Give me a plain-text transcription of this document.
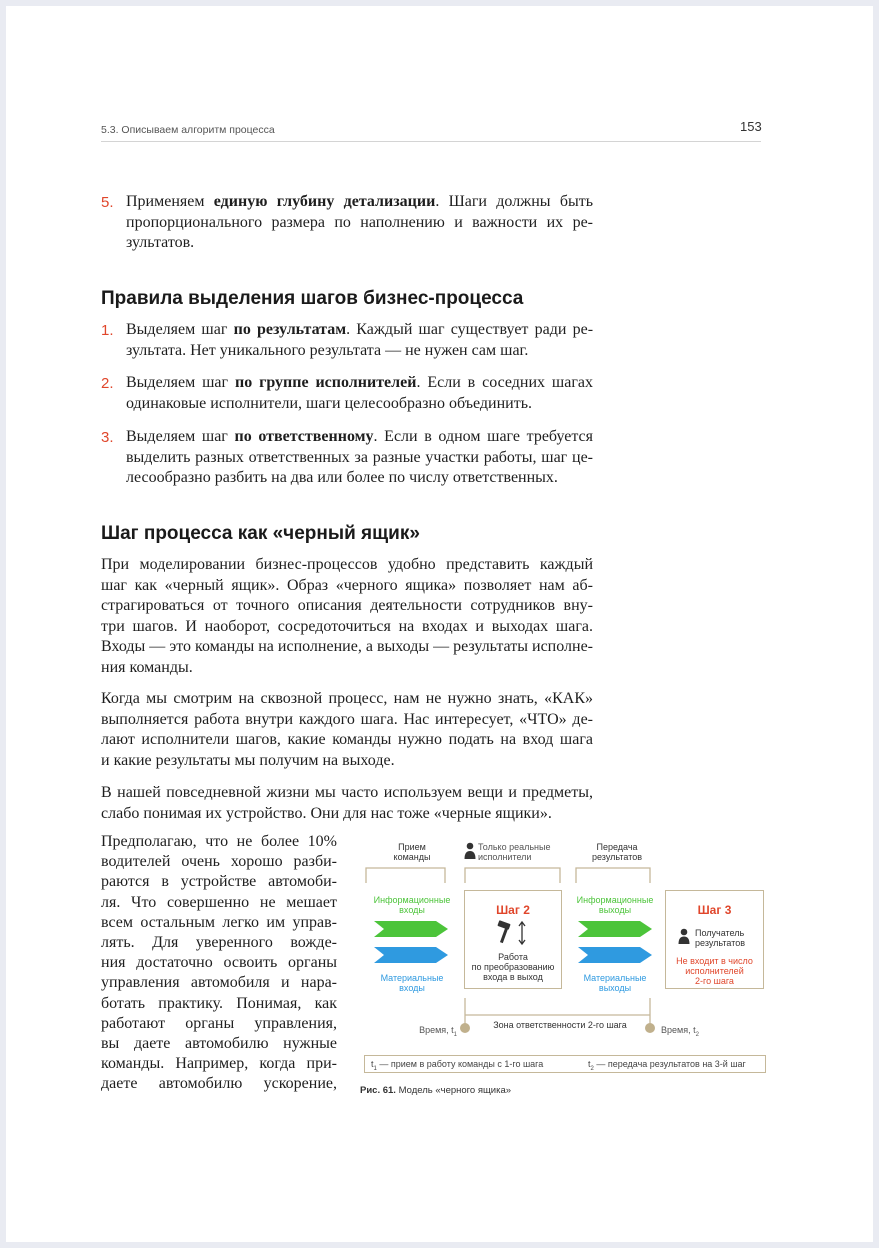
5.3. Описываем алгоритм процесса	153
5. Применяем единую глубину детализации. Шаги должны быть
пропорционального размера по наполнению и важности их ре-
зультатов.
Правила выделения шагов бизнес-процесса
1. Выделяем шаг по результатам. Каждый шаг существует ради ре-
зультата. Нет уникального результата — не нужен сам шаг.
2. Выделяем шаг по группе исполнителей. Если в соседних шагах
одинаковые исполнители, шаги целесообразно объединить.
3. Выделяем шаг по ответственному. Если в одном шаге требуется
выделить разных ответственных за разные участки работы, шаг це-
лесообразно разбить на два или более по числу ответственных.
Шаг процесса как «черный ящик»
При моделировании бизнес-процессов удобно представить каждый
шаг как «черный ящик». Образ «черного ящика» позволяет нам аб-
страгироваться от точного описания деятельности сотрудников вну-
три шагов. И наоборот, сосредоточиться на входах и выходах шага.
Входы — это команды на исполнение, а выходы — результаты исполне-
ния команды.
Когда мы смотрим на сквозной процесс, нам не нужно знать, «КАК»
выполняется работа внутри каждого шага. Нас интересует, «ЧТО» де-
лают исполнители шагов, какие команды нужно подать на вход шага
и какие результаты мы получим на выходе.
В нашей повседневной жизни мы часто используем вещи и предметы,
слабо понимая их устройство. Они для нас тоже «черные ящики».
Предполагаю, что не более 10%
водителей очень хорошо разби-
раются в устройстве автомоби-
ля. Что совершенно не мешает
всем остальным легко им управ-
лять. Для уверенного вожде-
ния достаточно освоить органы
управления автомобиля и нара-
ботать практику. Понимая, как
работают органы управления,
вы даете автомобилю нужные
команды. Например, когда при-
даете автомобилю ускорение,
Прием
команды
Только реальные
исполнители
Передача
результатов
Информационные
входы
Материальные
входы
Информационные
выходы
Материальные
выходы
Шаг 2
Работа
по преобразованию
входа в выход
Шаг 3
Получатель
результатов
Не входит в число
исполнителей
2-го шага
Время, $t_1$
Зона ответственности 2-го шага	Время, $t_2$
$t_1$ — прием в работу команды с 1-го шага	$t_2$ — передача результатов на 3-й шаг
Рис. 61. Модель «черного ящика»
